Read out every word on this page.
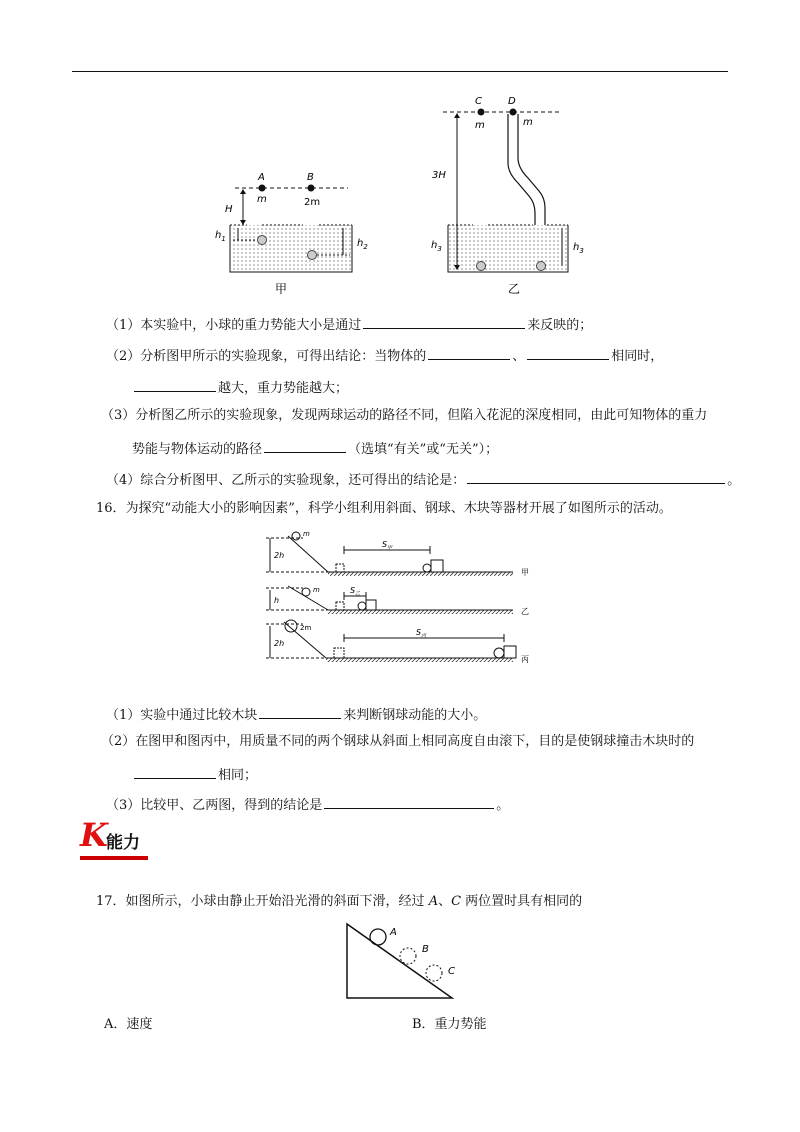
A	B
m	2m
H
$h_1$	$h_2$
甲
C	D
m	m
3H
$h_3$	$h_3$
乙
（1）本实验中，小球的重力势能大小是通过	来反映的；
（2）分析图甲所示的实验现象，可得出结论：当物体的	、	相同时，
越大，重力势能越大；
（3）分析图乙所示的实验现象，发现两球运动的路径不同，但陷入花泥的深度相同，由此可知物体的重力
势能与物体运动的路径	（选填“有关”或“无关”）；
（4）综合分析图甲、乙所示的实验现象，还可得出的结论是：	。
16．为探究“动能大小的影响因素”，科学小组利用斜面、钢球、木块等器材开展了如图所示的活动。
2h
m
$S_甲$
甲
h
m	$S_乙$
乙
2h
2m	$S_丙$
丙
（1）实验中通过比较木块	来判断钢球动能的大小。
（2）在图甲和图丙中，用质量不同的两个钢球从斜面上相同高度自由滚下，目的是使钢球撞击木块时的
相同；
（3）比较甲、乙两图，得到的结论是	。
K
能力
17．如图所示，小球由静止开始沿光滑的斜面下滑，经过 A、C 两位置时具有相同的
A
B
C
A．速度	B．重力势能
